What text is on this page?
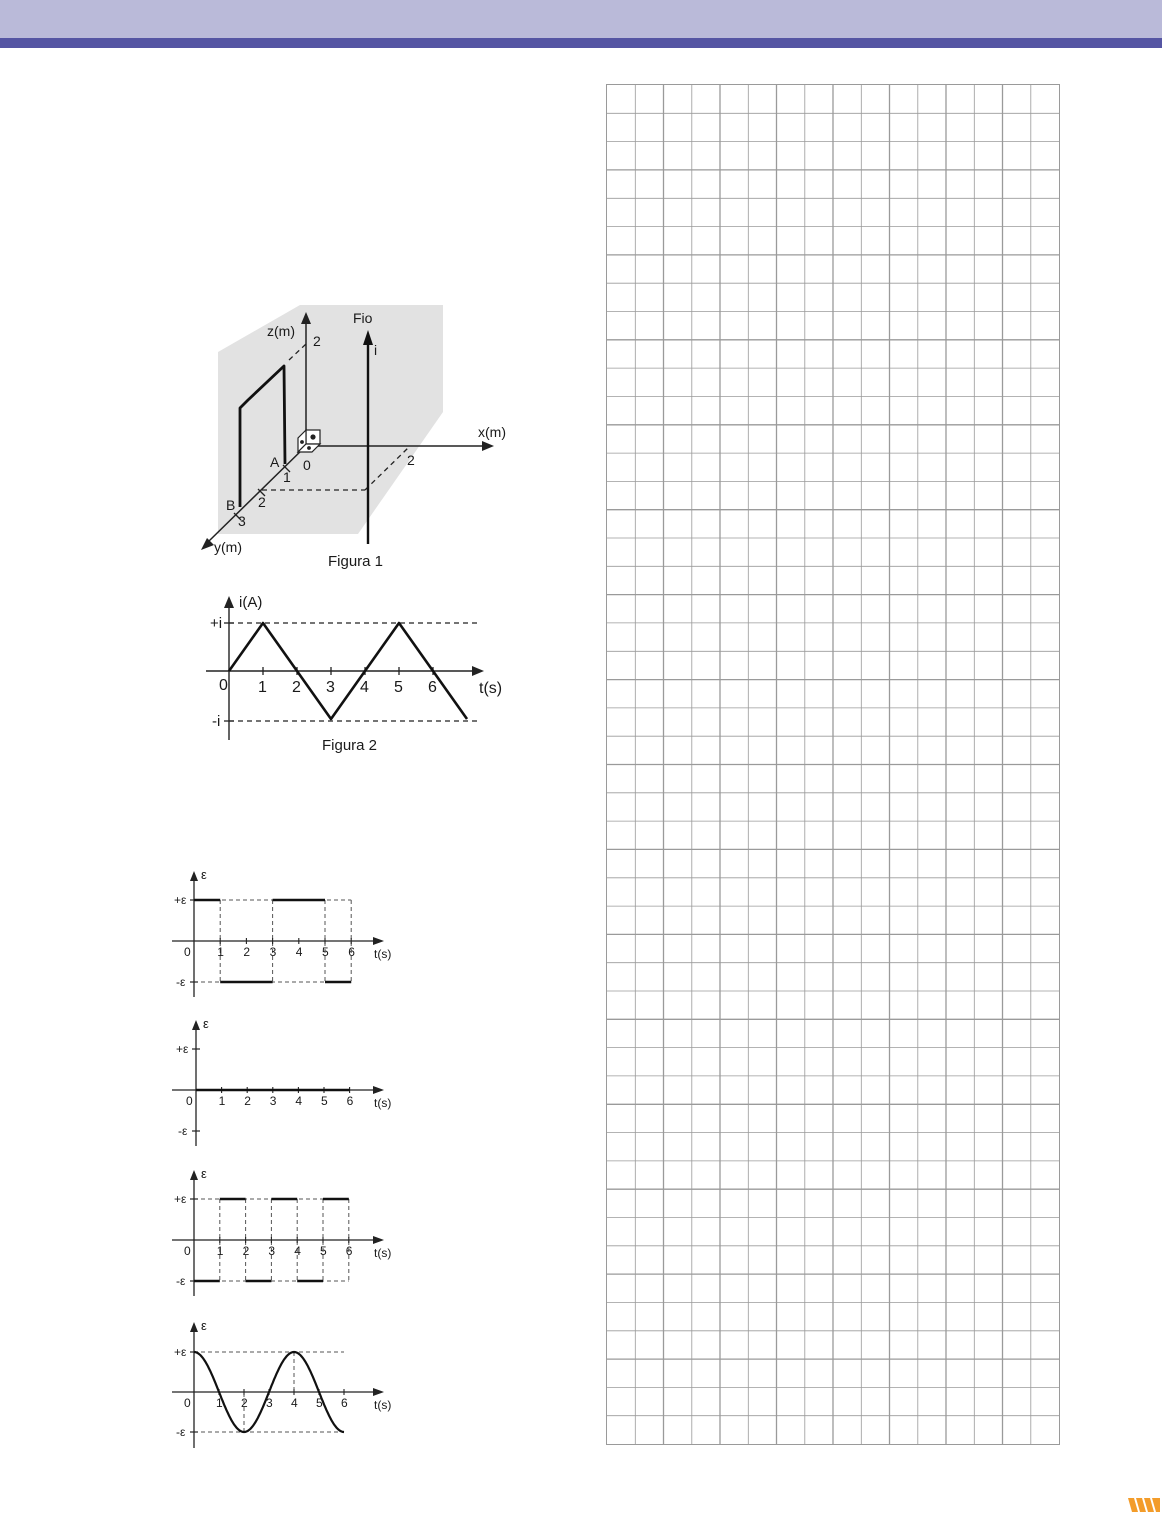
z(m)
2
Fio
i
x(m)
2
0
A
1
2
B
3
y(m)
Figura 1
i(A)
+i
-i
0 1 2 3 4 5 6	t(s)
Figura 2
1 2 3 4 5 6
0	t(s)
ε
+ε
-ε
1 2 3 4 5 6
0	t(s)
ε
+ε
-ε
1 2 3 4 5 6
0	t(s)
ε
+ε
-ε
1 2 3 4 5 6
0	t(s)
ε
+ε
-ε
